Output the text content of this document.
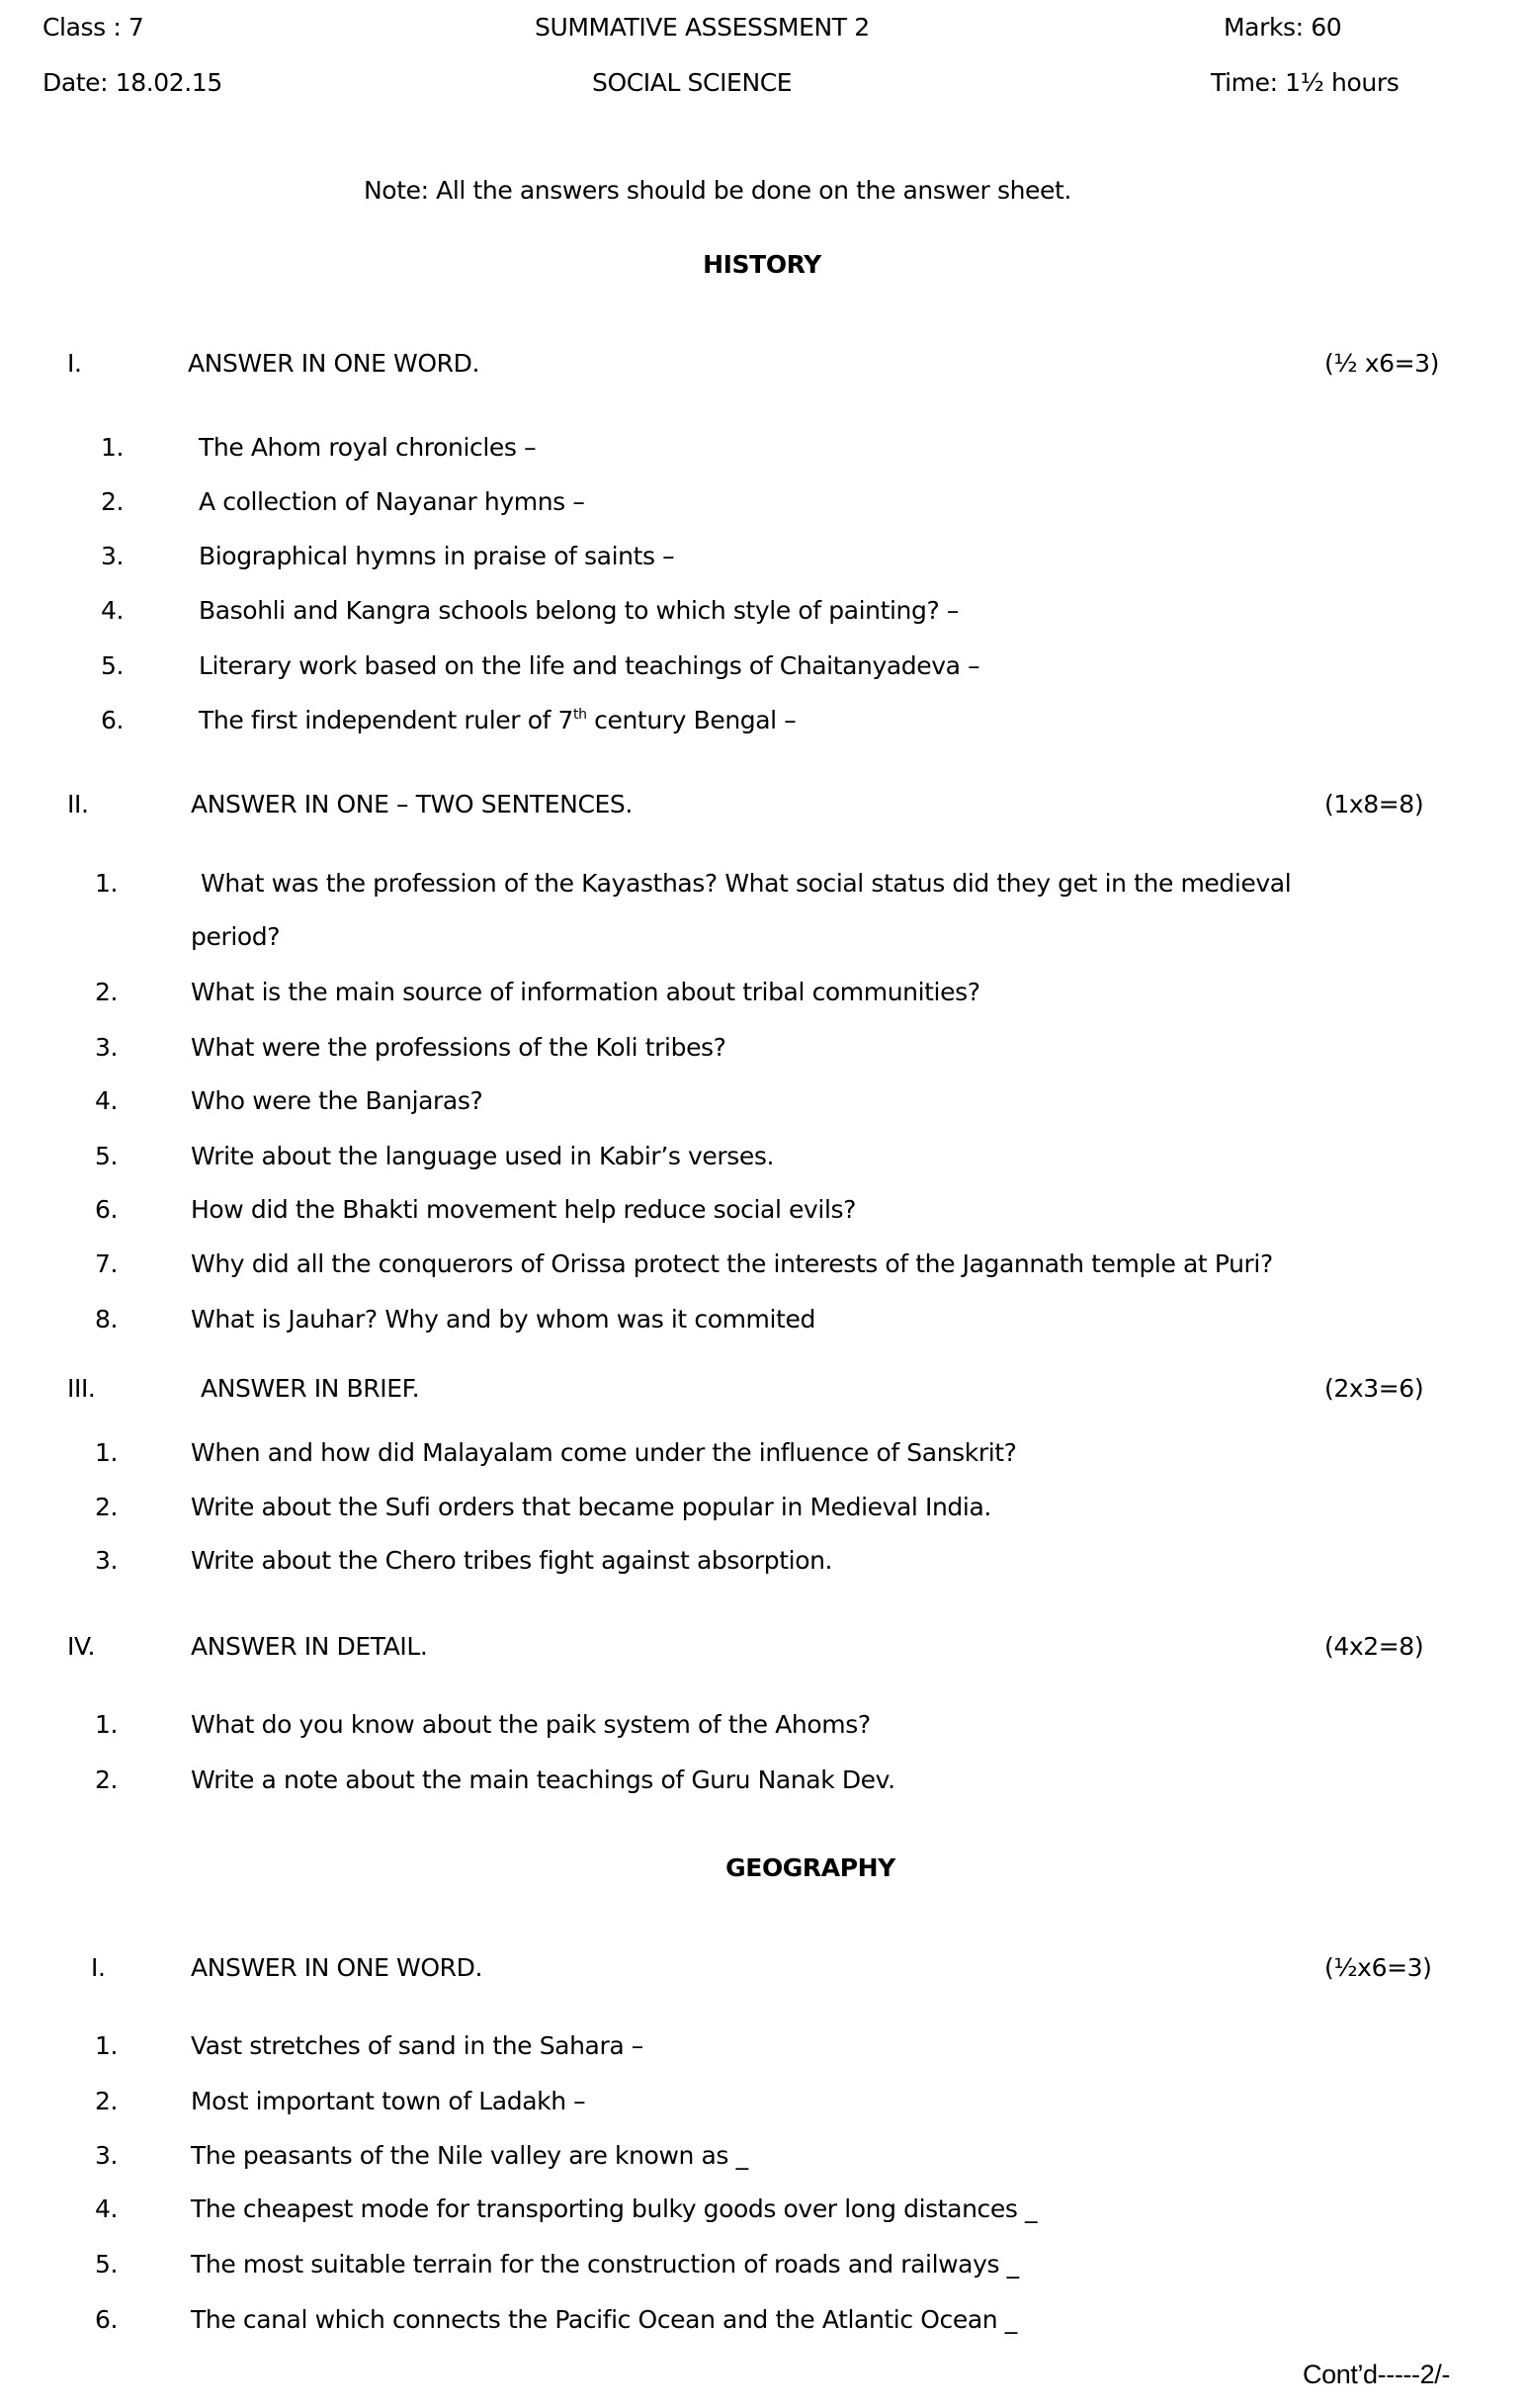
Class : 7	SUMMATIVE ASSESSMENT 2	Marks: 60
Date: 18.02.15	SOCIAL SCIENCE	Time: 1½ hours
Note: All the answers should be done on the answer sheet.
HISTORY
I.	ANSWER IN ONE WORD.	(½ x6=3)
1.	The Ahom royal chronicles –
2.	A collection of Nayanar hymns –
3.	Biographical hymns in praise of saints –
4.	Basohli and Kangra schools belong to which style of painting? –
5.	Literary work based on the life and teachings of Chaitanyadeva –
6.	The first independent ruler of 7th century Bengal –
II.	ANSWER IN ONE – TWO SENTENCES.	(1x8=8)
1.	What was the profession of the Kayasthas? What social status did they get in the medieval
period?
2.	What is the main source of information about tribal communities?
3.	What were the professions of the Koli tribes?
4.	Who were the Banjaras?
5.	Write about the language used in Kabir’s verses.
6.	How did the Bhakti movement help reduce social evils?
7.	Why did all the conquerors of Orissa protect the interests of the Jagannath temple at Puri?
8.	What is Jauhar? Why and by whom was it commited
III.	ANSWER IN BRIEF.	(2x3=6)
1.	When and how did Malayalam come under the influence of Sanskrit?
2.	Write about the Sufi orders that became popular in Medieval India.
3.	Write about the Chero tribes fight against absorption.
IV.	ANSWER IN DETAIL.	(4x2=8)
1.	What do you know about the paik system of the Ahoms?
2.	Write a note about the main teachings of Guru Nanak Dev.
GEOGRAPHY
I.	ANSWER IN ONE WORD.	(½x6=3)
1.	Vast stretches of sand in the Sahara –
2.	Most important town of Ladakh –
3.	The peasants of the Nile valley are known as _
4.	The cheapest mode for transporting bulky goods over long distances _
5.	The most suitable terrain for the construction of roads and railways _
6.	The canal which connects the Pacific Ocean and the Atlantic Ocean _
Cont’d-----2/-
